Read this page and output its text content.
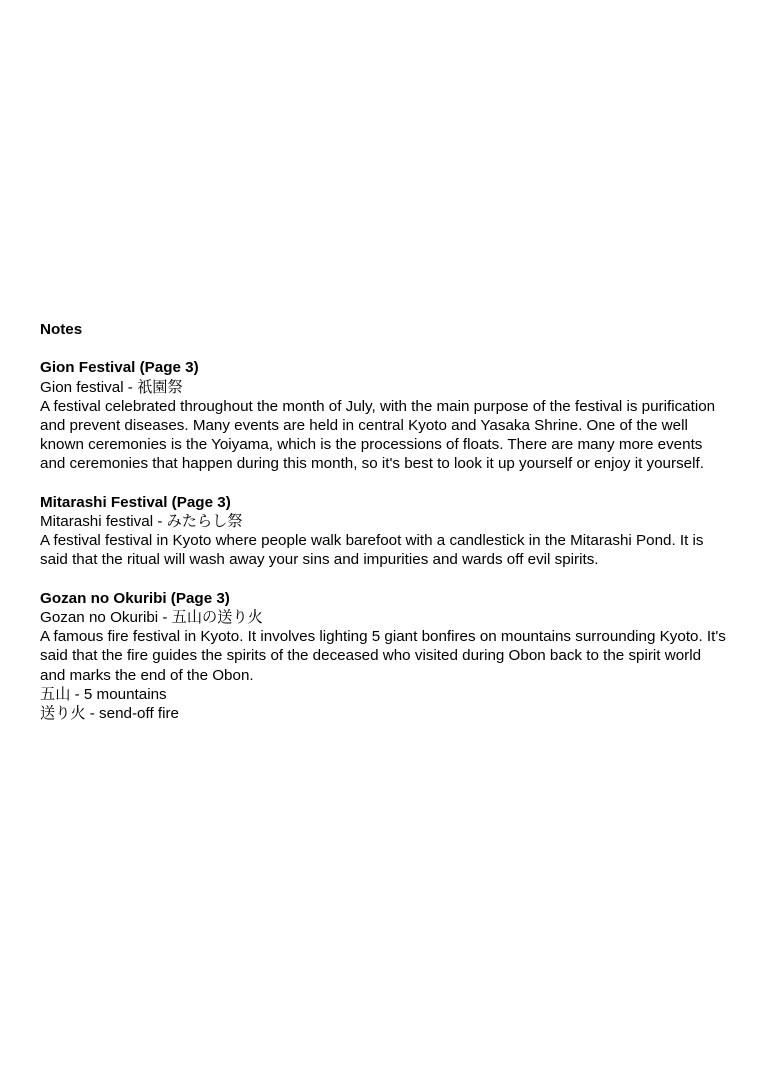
Notes

Gion Festival (Page 3)

Gion festival - 祇園祭

A festival celebrated throughout the month of July, with the main purpose of the festival is purification and prevent diseases. Many events are held in central Kyoto and Yasaka Shrine. One of the well known ceremonies is the Yoiyama, which is the processions of floats. There are many more events and ceremonies that happen during this month, so it's best to look it up yourself or enjoy it yourself.

Mitarashi Festival (Page 3)

Mitarashi festival - みたらし祭

A festival festival in Kyoto where people walk barefoot with a candlestick in the Mitarashi Pond. It is said that the ritual will wash away your sins and impurities and wards off evil spirits.

Gozan no Okuribi (Page 3)

Gozan no Okuribi - 五山の送り火

A famous fire festival in Kyoto. It involves lighting 5 giant bonfires on mountains surrounding Kyoto. It's said that the fire guides the spirits of the deceased who visited during Obon back to the spirit world and marks the end of the Obon.

五山 - 5 mountains

送り火 - send-off fire
